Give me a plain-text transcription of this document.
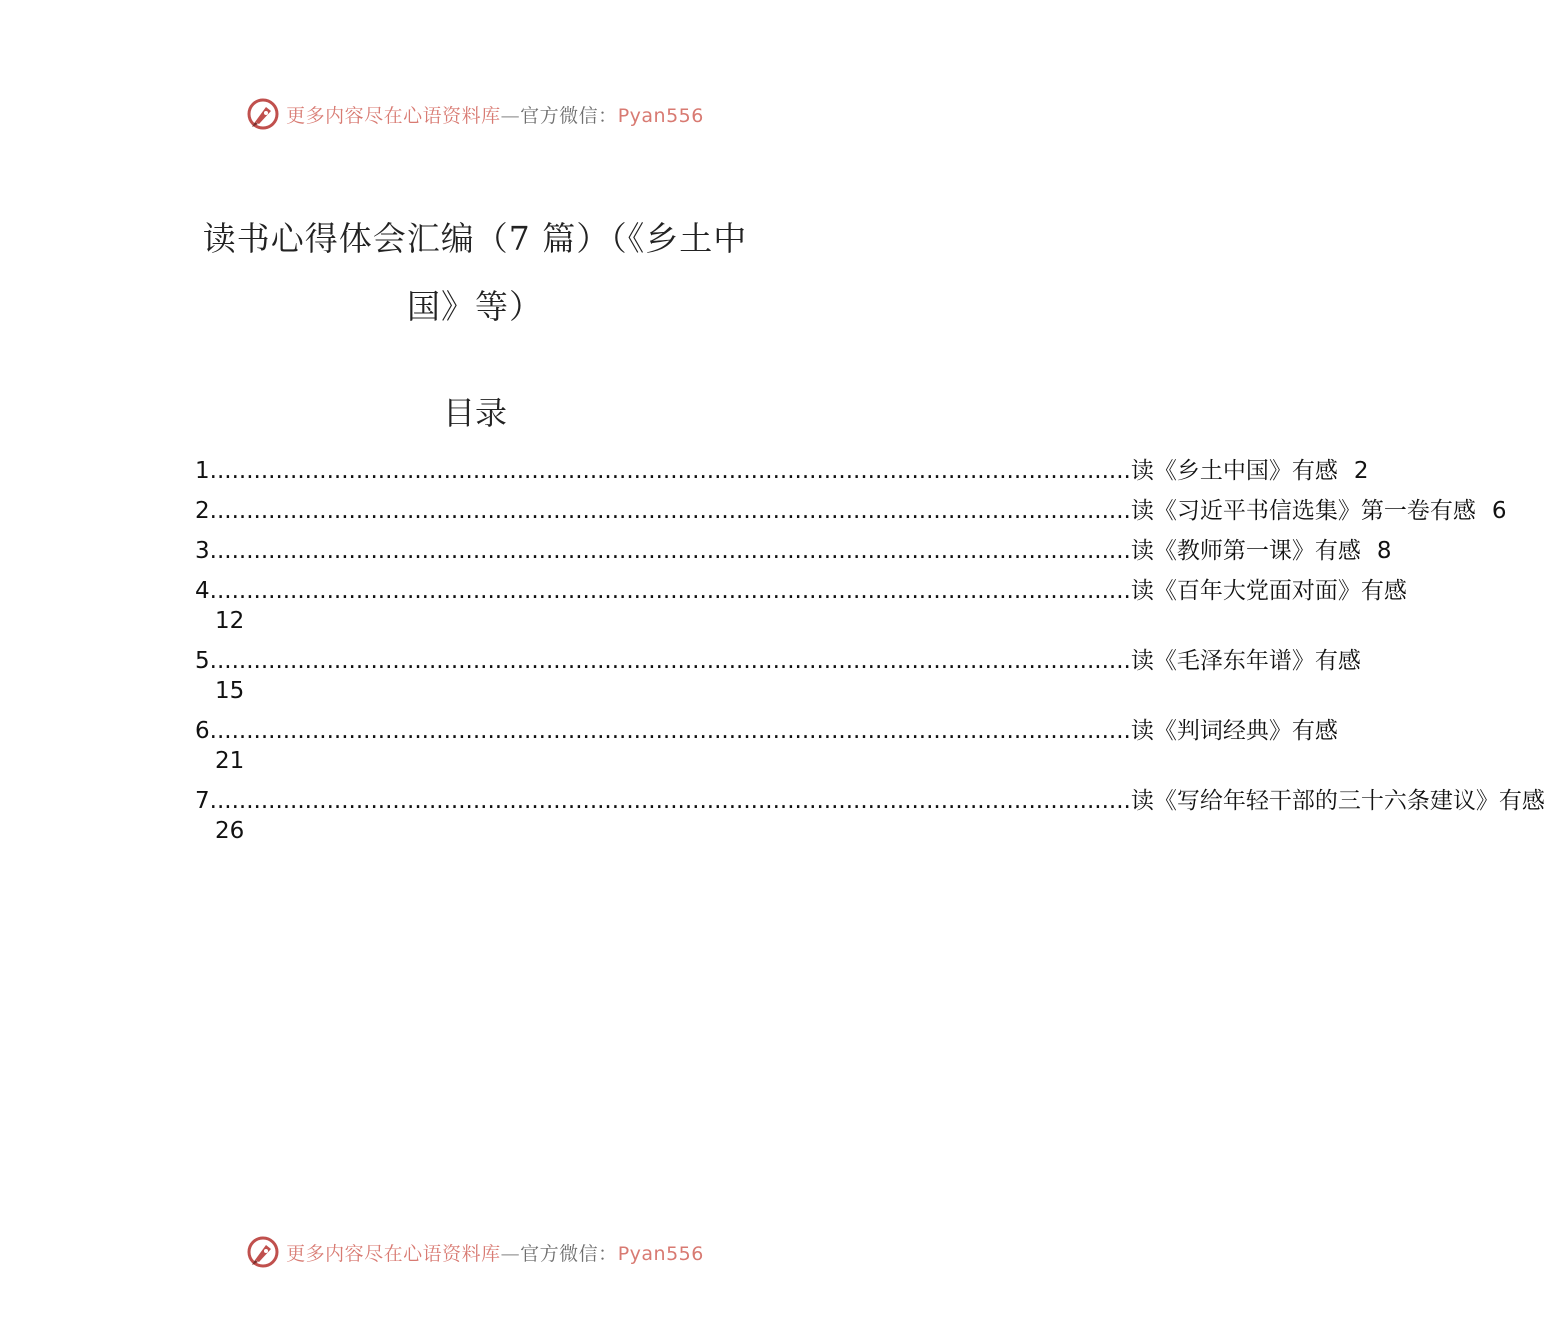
更多内容尽在心语资料库—官方微信：Pyan556
读书心得体会汇编（7 篇）（《乡土中
国》等）
目录
1 .............................................................................................................................. 读《乡土中国》有感 2
2 .............................................................................................................................. 读《习近平书信选集》第一卷有感 6
3 .............................................................................................................................. 读《教师第一课》有感 8
4 .............................................................................................................................. 读《百年大党面对面》有感
12
5 .............................................................................................................................. 读《毛泽东年谱》有感
15
6 .............................................................................................................................. 读《判词经典》有感
21
7 .............................................................................................................................. 读《写给年轻干部的三十六条建议》有感
26
更多内容尽在心语资料库—官方微信：Pyan556
